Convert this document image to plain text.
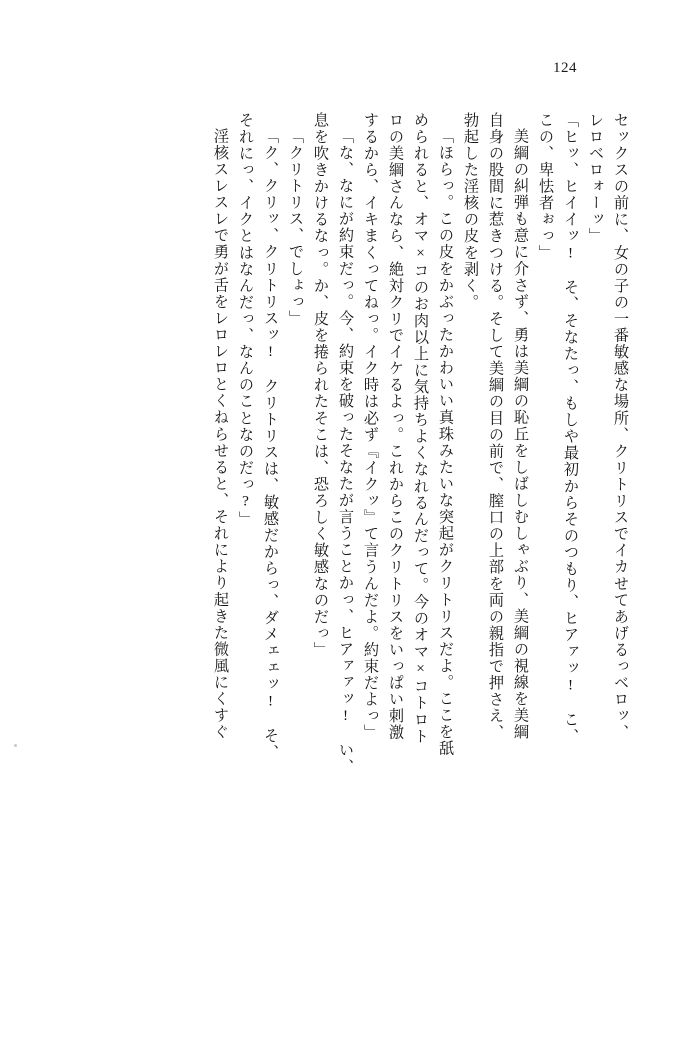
124
セックスの前に、女の子の一番敏感な場所、クリトリスでイカせてあげるっベロッ、
レロベロォーッ」
「ヒッ、ヒイイッ!　そ、そなたっ、もしや最初からそのつもり、ヒアァッ!　こ、
この、卑怯者ぉっ」
美綱の糾弾も意に介さず、勇は美綱の恥丘をしばしむしゃぶり、美綱の視線を美綱
自身の股間に惹きつける。そして美綱の目の前で、膣口の上部を両の親指で押さえ、
勃起した淫核の皮を剥く。
「ほらっ。この皮をかぶったかわいい真珠みたいな突起がクリトリスだよ。ここを舐
められると、オマ×コのお肉以上に気持ちよくなれるんだって。今のオマ×コトロト
ロの美綱さんなら、絶対クリでイケるよっ。これからこのクリトリスをいっぱい刺激
するから、イキまくってねっ。イク時は必ず『イクッ』て言うんだよ。約束だよっ」
「な、なにが約束だっ。今、約束を破ったそなたが言うことかっ、ヒアァァッ!　い、
息を吹きかけるなっ。か、皮を捲られたそこは、恐ろしく敏感なのだっ」
「クリトリス、でしょっ」
「ク、クリッ、クリトリスッ!　クリトリスは、敏感だからっ、ダメェェッ!　そ、
それにっ、イクとはなんだっ、なんのことなのだっ?」
淫核スレスレで勇が舌をレロレロとくねらせると、それにより起きた微風にくすぐ
